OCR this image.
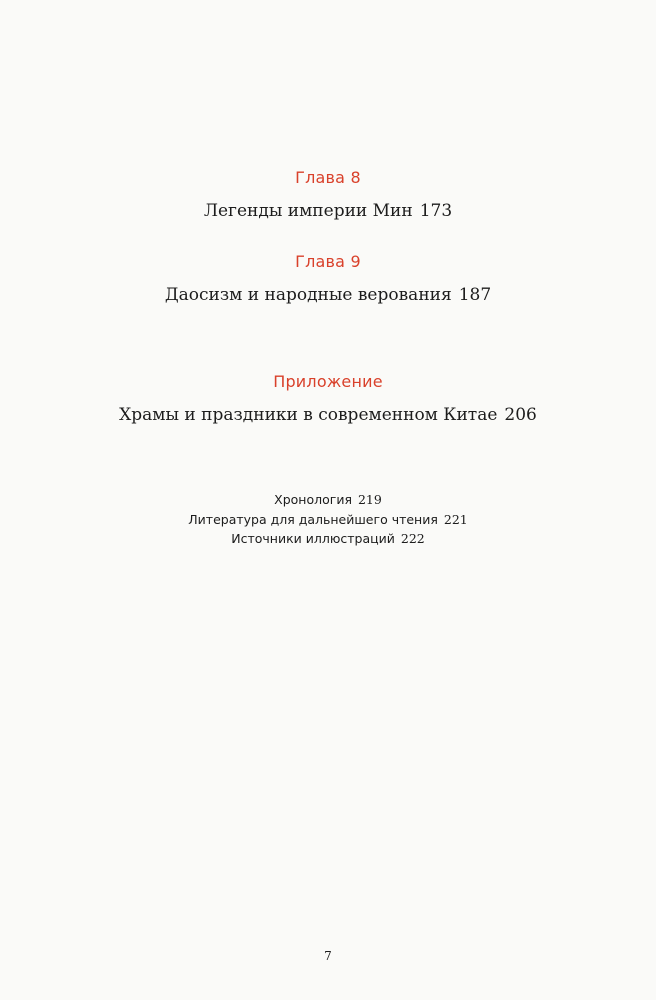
Глава 8
Легенды империи Мин 173
Глава 9
Даосизм и народные верования 187
Приложение
Храмы и праздники в современном Китае 206
Хронология 219
Литература для дальнейшего чтения 221
Источники иллюстраций 222
7
